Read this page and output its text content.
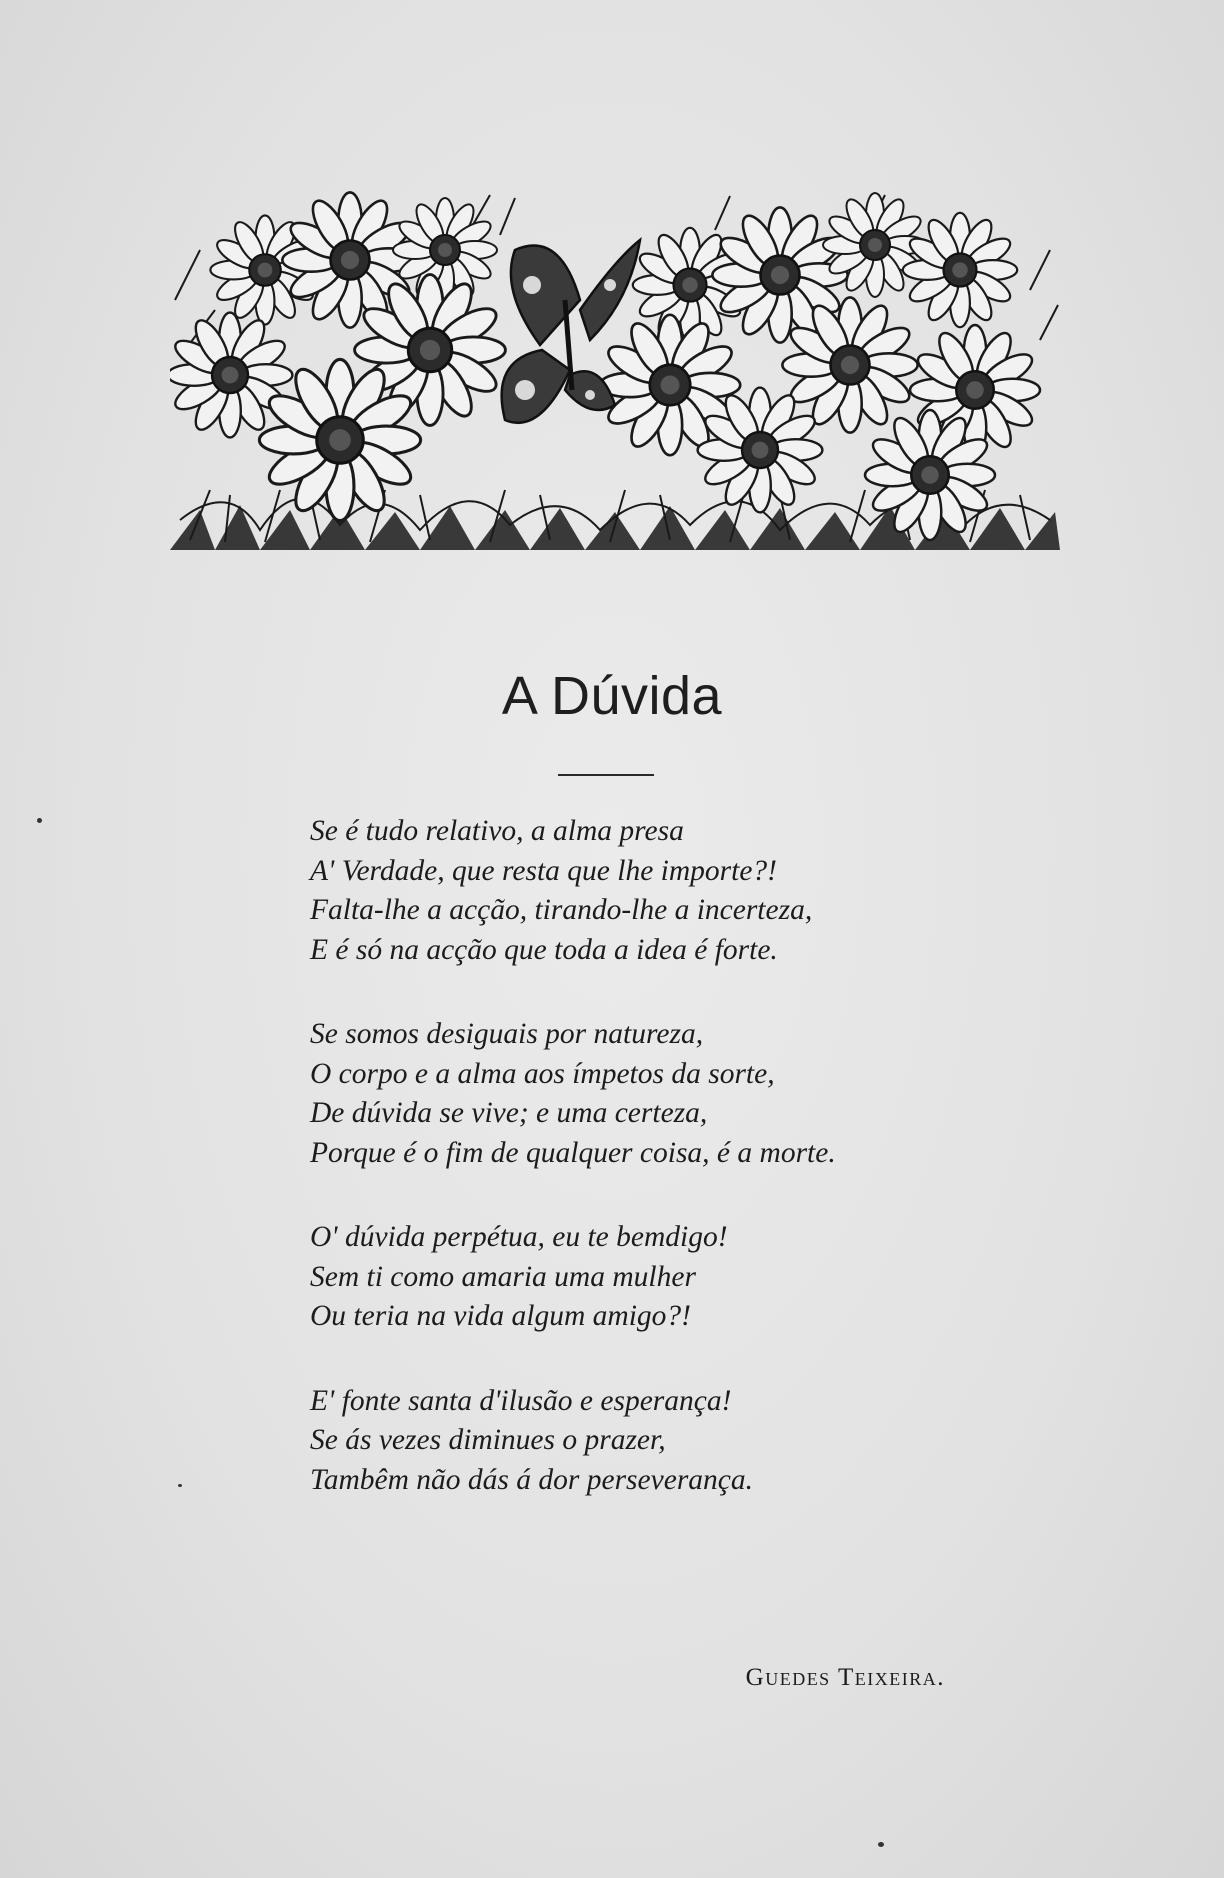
A Dúvida
Se é tudo relativo, a alma presa
A' Verdade, que resta que lhe importe?!
Falta-lhe a acção, tirando-lhe a incerteza,
E é só na acção que toda a idea é forte.
Se somos desiguais por natureza,
O corpo e a alma aos ímpetos da sorte,
De dúvida se vive; e uma certeza,
Porque é o fim de qualquer coisa, é a morte.
O' dúvida perpétua, eu te bemdigo!
Sem ti como amaria uma mulher
Ou teria na vida algum amigo?!
E' fonte santa d'ilusão e esperança!
Se ás vezes diminues o prazer,
Tambêm não dás á dor perseverança.
Guedes Teixeira.
